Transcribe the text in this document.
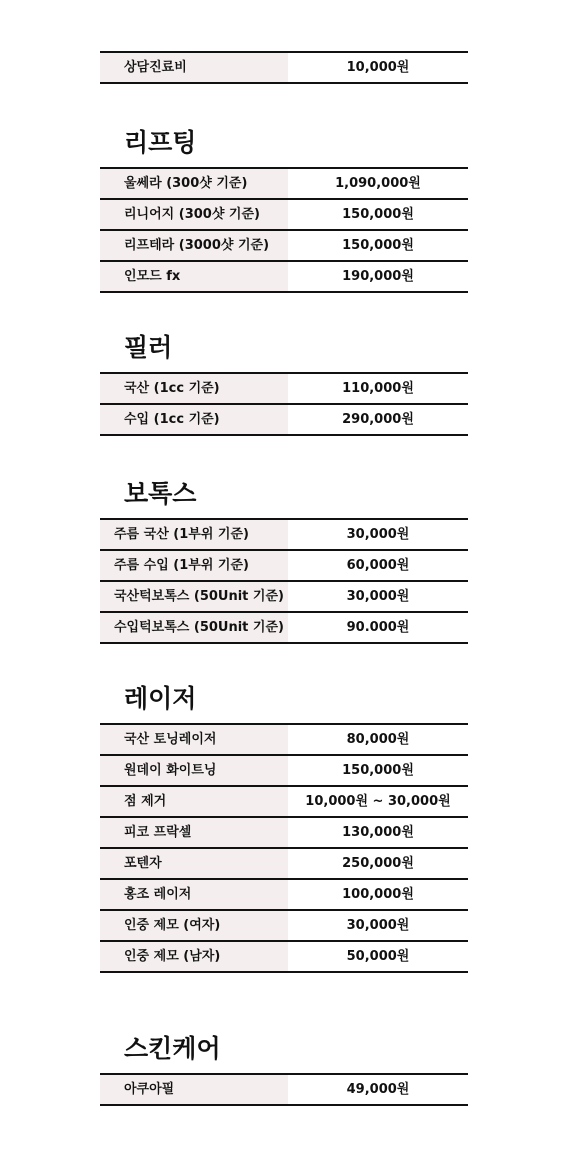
상담진료비	10,000원
리프팅
울쎄라 (300샷 기준)	1,090,000원
리니어지 (300샷 기준)	150,000원
리프테라 (3000샷 기준)	150,000원
인모드 fx	190,000원
필러
국산 (1cc 기준)	110,000원
수입 (1cc 기준)	290,000원
보톡스
주름 국산 (1부위 기준)	30,000원
주름 수입 (1부위 기준)	60,000원
국산턱보톡스 (50Unit 기준)	30,000원
수입턱보톡스 (50Unit 기준)	90.000원
레이저
국산 토닝레이저	80,000원
원데이 화이트닝	150,000원
점 제거	10,000원 ~ 30,000원
피코 프락셀	130,000원
포텐자	250,000원
홍조 레이저	100,000원
인중 제모 (여자)	30,000원
인중 제모 (남자)	50,000원
스킨케어
아쿠아필	49,000원
